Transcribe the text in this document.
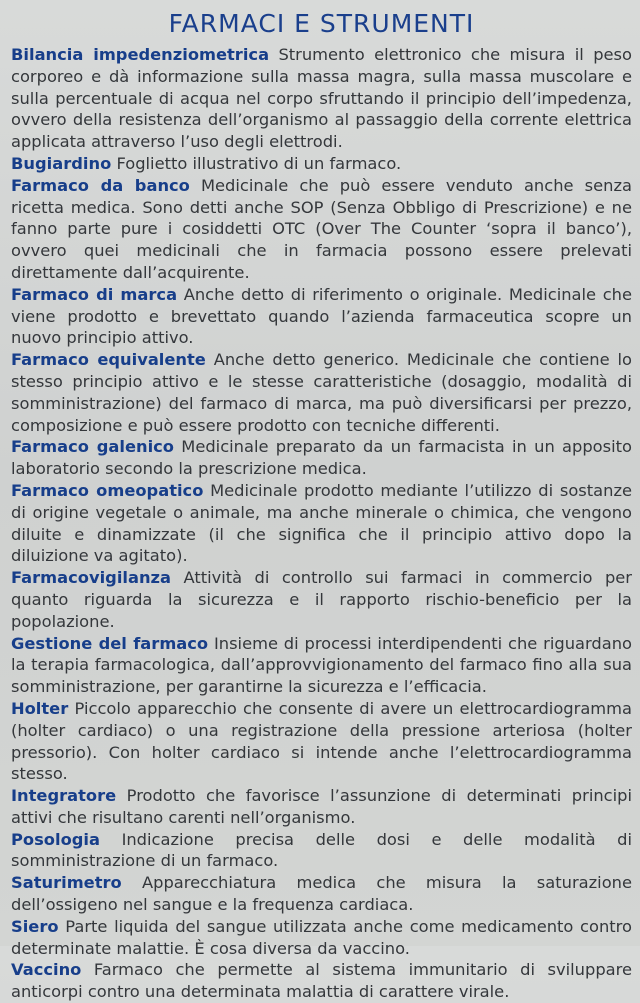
FARMACI E STRUMENTI

Bilancia impedenziometrica Strumento elettronico che misura il peso corporeo e dà informazione sulla massa magra, sulla massa muscolare e sulla percentuale di acqua nel corpo sfruttando il principio dell’impedenza, ovvero della resistenza dell’organismo al passaggio della corrente elettrica applicata attraverso l’uso degli elettrodi.

Bugiardino Foglietto illustrativo di un farmaco.

Farmaco da banco Medicinale che può essere venduto anche senza ricetta medica. Sono detti anche SOP (Senza Obbligo di Prescrizione) e ne fanno parte pure i cosiddetti OTC (Over The Counter ‘sopra il banco’), ovvero quei medicinali che in farmacia possono essere prelevati direttamente dall’acquirente.

Farmaco di marca Anche detto di riferimento o originale. Medicinale che viene prodotto e brevettato quando l’azienda farmaceutica scopre un nuovo principio attivo.

Farmaco equivalente Anche detto generico. Medicinale che contiene lo stesso principio attivo e le stesse caratteristiche (dosaggio, modalità di somministrazione) del farmaco di marca, ma può diversificarsi per prezzo, composizione e può essere prodotto con tecniche differenti.

Farmaco galenico Medicinale preparato da un farmacista in un apposito laboratorio secondo la prescrizione medica.

Farmaco omeopatico Medicinale prodotto mediante l’utilizzo di sostanze di origine vegetale o animale, ma anche minerale o chimica, che vengono diluite e dinamizzate (il che significa che il principio attivo dopo la diluizione va agitato).

Farmacovigilanza Attività di controllo sui farmaci in commercio per quanto riguarda la sicurezza e il rapporto rischio-beneficio per la popolazione.

Gestione del farmaco Insieme di processi interdipendenti che riguardano la terapia farmacologica, dall’approvvigionamento del farmaco fino alla sua somministrazione, per garantirne la sicurezza e l’efficacia.

Holter Piccolo apparecchio che consente di avere un elettrocardiogramma (holter cardiaco) o una registrazione della pressione arteriosa (holter pressorio). Con holter cardiaco si intende anche l’elettrocardiogramma stesso.

Integratore Prodotto che favorisce l’assunzione di determinati principi attivi che risultano carenti nell’organismo.

Posologia Indicazione precisa delle dosi e delle modalità di somministrazione di un farmaco.

Saturimetro Apparecchiatura medica che misura la saturazione dell’ossigeno nel sangue e la frequenza cardiaca.

Siero Parte liquida del sangue utilizzata anche come medicamento contro determinate malattie. È cosa diversa da vaccino.

Vaccino Farmaco che permette al sistema immunitario di sviluppare anticorpi contro una determinata malattia di carattere virale.
